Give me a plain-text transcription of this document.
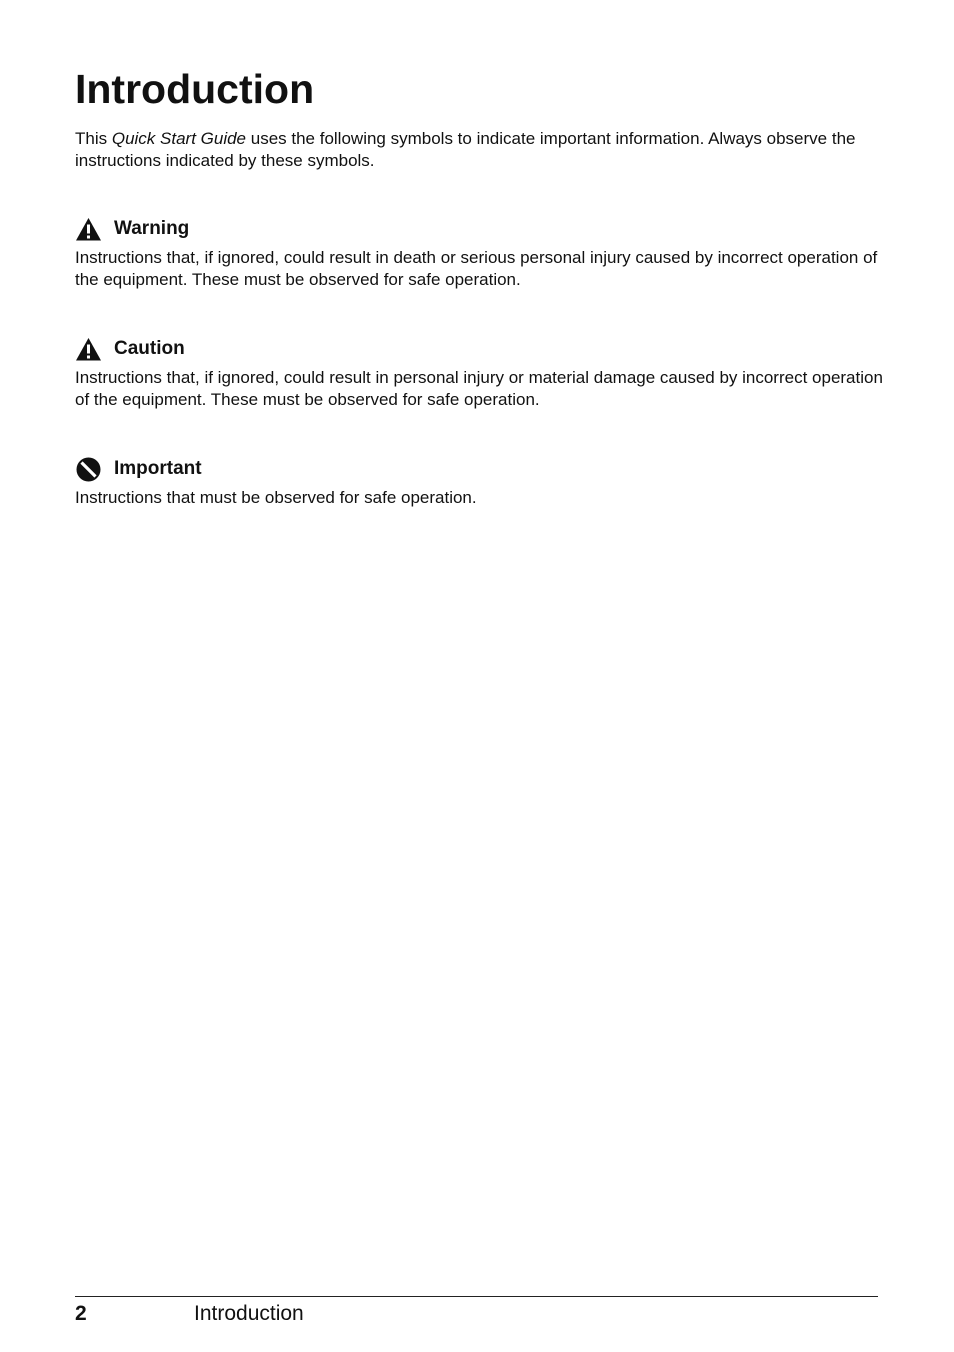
Introduction

This Quick Start Guide uses the following symbols to indicate important information. Always observe the instructions indicated by these symbols.

Warning

Instructions that, if ignored, could result in death or serious personal injury caused by incorrect operation of the equipment. These must be observed for safe operation.

Caution

Instructions that, if ignored, could result in personal injury or material damage caused by incorrect operation of the equipment. These must be observed for safe operation.

Important

Instructions that must be observed for safe operation.

2	Introduction
